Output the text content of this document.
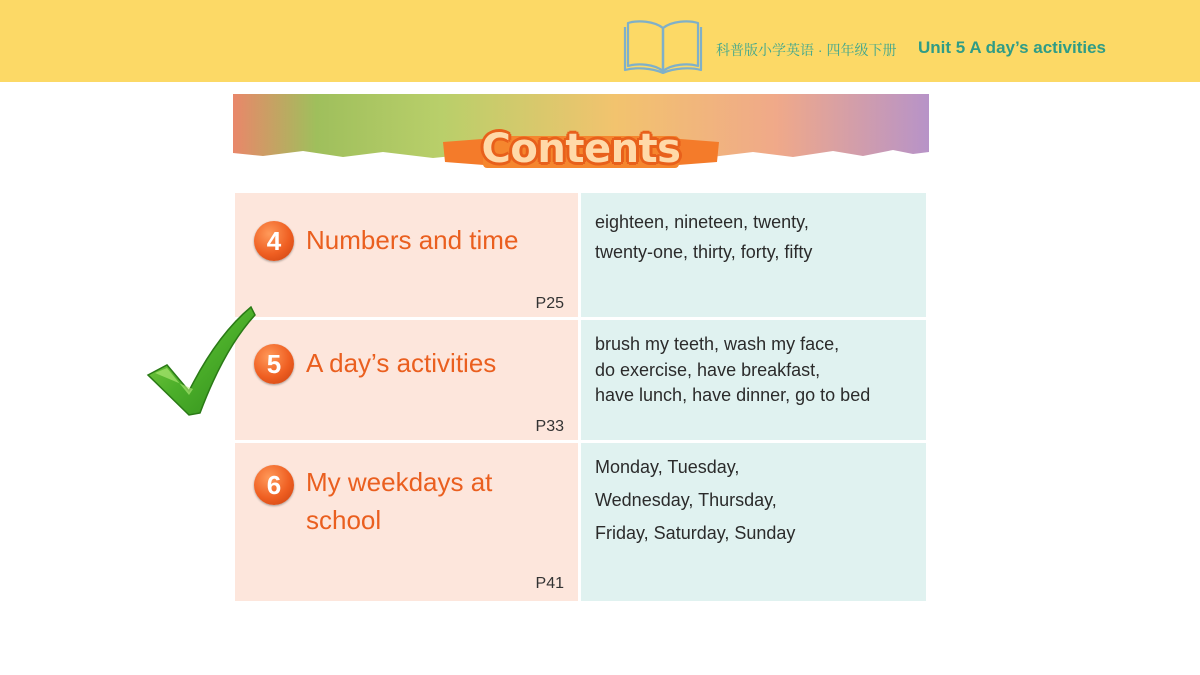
科普版小学英语 · 四年级下册 Unit 5 A day’s activities
Contents
4 Numbers and time
P25
eighteen, nineteen, twenty,
twenty-one, thirty, forty, fifty
5 A day’s activities
P33
brush my teeth, wash my face,
do exercise, have breakfast,
have lunch, have dinner, go to bed
6 My weekdays at school
P41
Monday, Tuesday,
Wednesday, Thursday,
Friday, Saturday, Sunday
